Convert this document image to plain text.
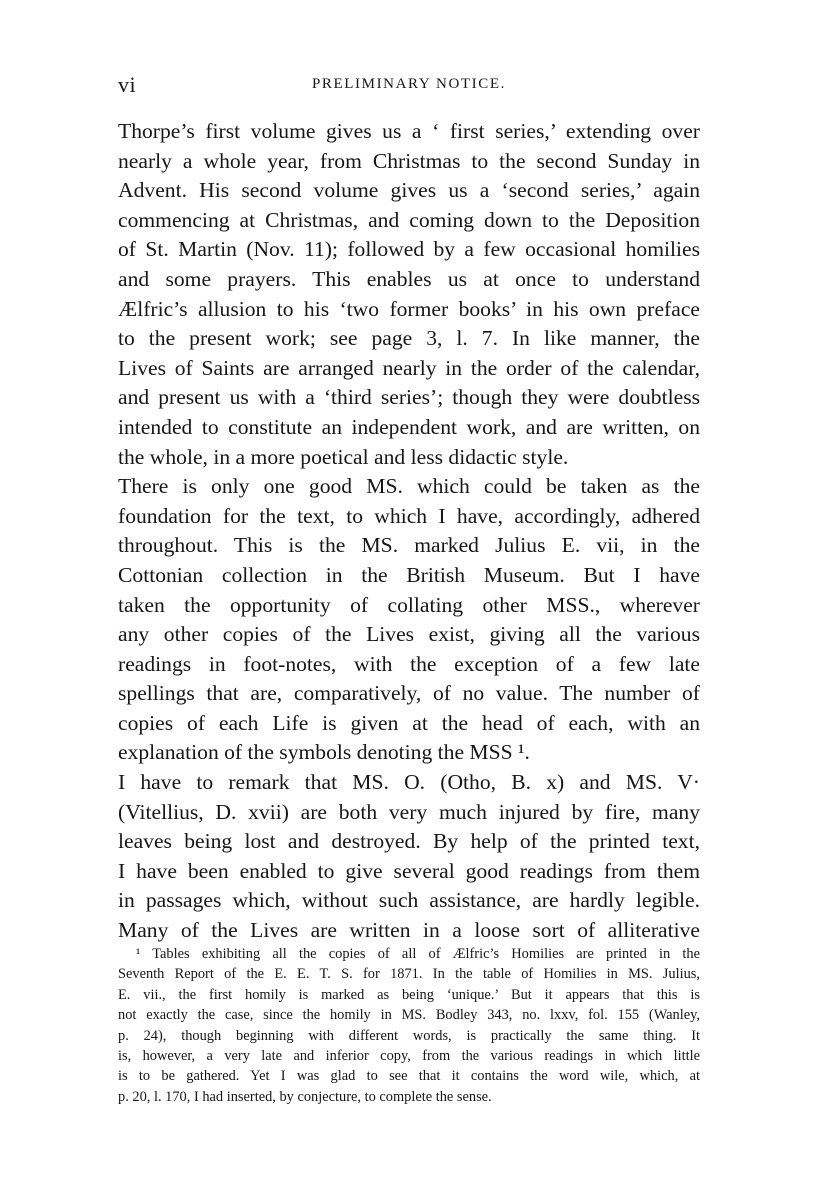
vi	PRELIMINARY NOTICE.
Thorpe’s first volume gives us a ‘ first series,’ extending over
nearly a whole year, from Christmas to the second Sunday in
Advent. His second volume gives us a ‘second series,’ again
commencing at Christmas, and coming down to the Deposition
of St. Martin (Nov. 11); followed by a few occasional homilies
and some prayers. This enables us at once to understand
Ælfric’s allusion to his ‘two former books’ in his own preface
to the present work; see page 3, l. 7. In like manner, the
Lives of Saints are arranged nearly in the order of the calendar,
and present us with a ‘third series’; though they were doubtless
intended to constitute an independent work, and are written, on
the whole, in a more poetical and less didactic style.
There is only one good MS. which could be taken as the
foundation for the text, to which I have, accordingly, adhered
throughout. This is the MS. marked Julius E. vii, in the
Cottonian collection in the British Museum. But I have
taken the opportunity of collating other MSS., wherever
any other copies of the Lives exist, giving all the various
readings in foot-notes, with the exception of a few late
spellings that are, comparatively, of no value. The number of
copies of each Life is given at the head of each, with an
explanation of the symbols denoting the MSS ¹.
I have to remark that MS. O. (Otho, B. x) and MS. V·
(Vitellius, D. xvii) are both very much injured by fire, many
leaves being lost and destroyed. By help of the printed text,
I have been enabled to give several good readings from them
in passages which, without such assistance, are hardly legible.
Many of the Lives are written in a loose sort of alliterative
¹ Tables exhibiting all the copies of all of Ælfric’s Homilies are printed in the
Seventh Report of the E. E. T. S. for 1871. In the table of Homilies in MS. Julius,
E. vii., the first homily is marked as being ‘unique.’ But it appears that this is
not exactly the case, since the homily in MS. Bodley 343, no. lxxv, fol. 155 (Wanley,
p. 24), though beginning with different words, is practically the same thing. It
is, however, a very late and inferior copy, from the various readings in which little
is to be gathered. Yet I was glad to see that it contains the word wile, which, at
p. 20, l. 170, I had inserted, by conjecture, to complete the sense.
